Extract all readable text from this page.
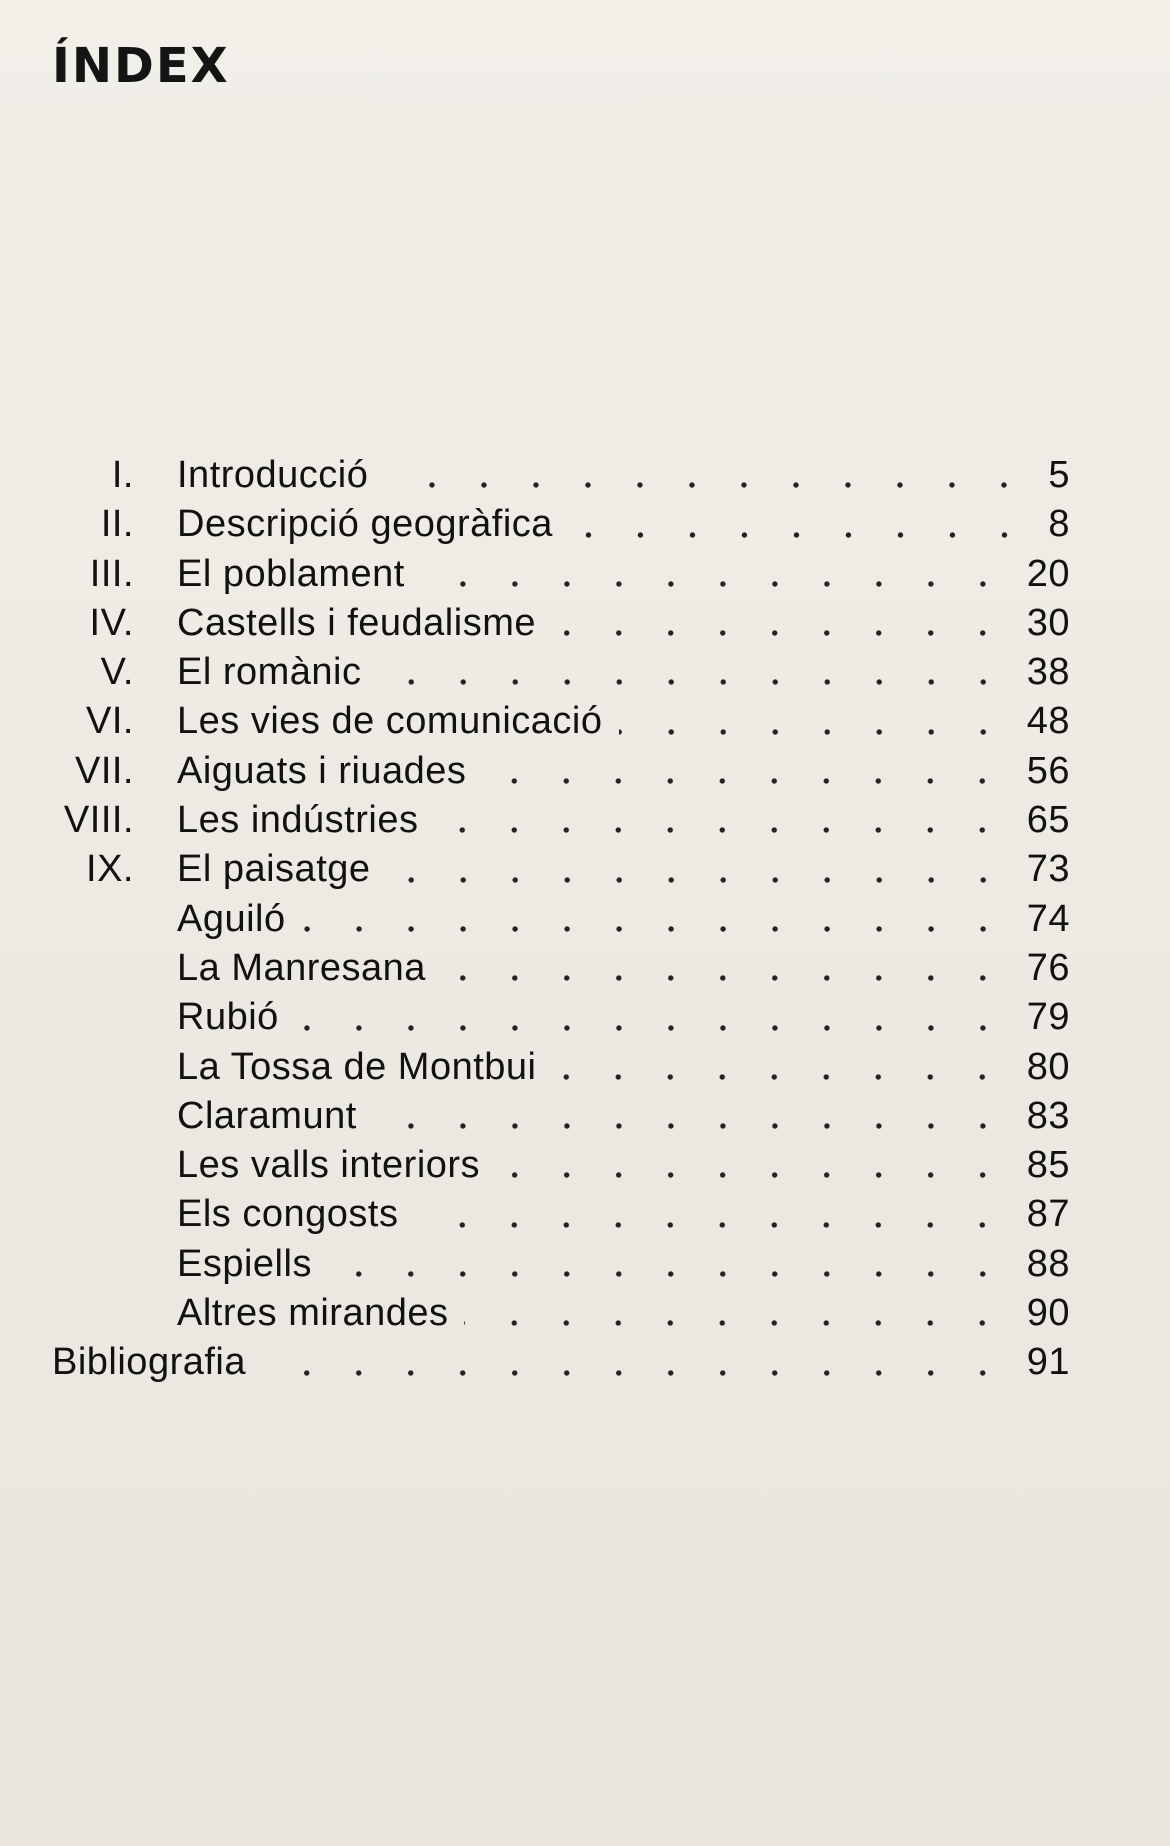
ÍNDEX
I. Introducció	5
II. Descripció geogràfica	8
III. El poblament	20
IV. Castells i feudalisme	30
V. El romànic	38
VI. Les vies de comunicació	48
VII. Aiguats i riuades	56
VIII. Les indústries	65
IX. El paisatge	73
Aguiló	74
La Manresana	76
Rubió	79
La Tossa de Montbui	80
Claramunt	83
Les valls interiors	85
Els congosts	87
Espiells	88
Altres mirandes	90
Bibliografia	91
